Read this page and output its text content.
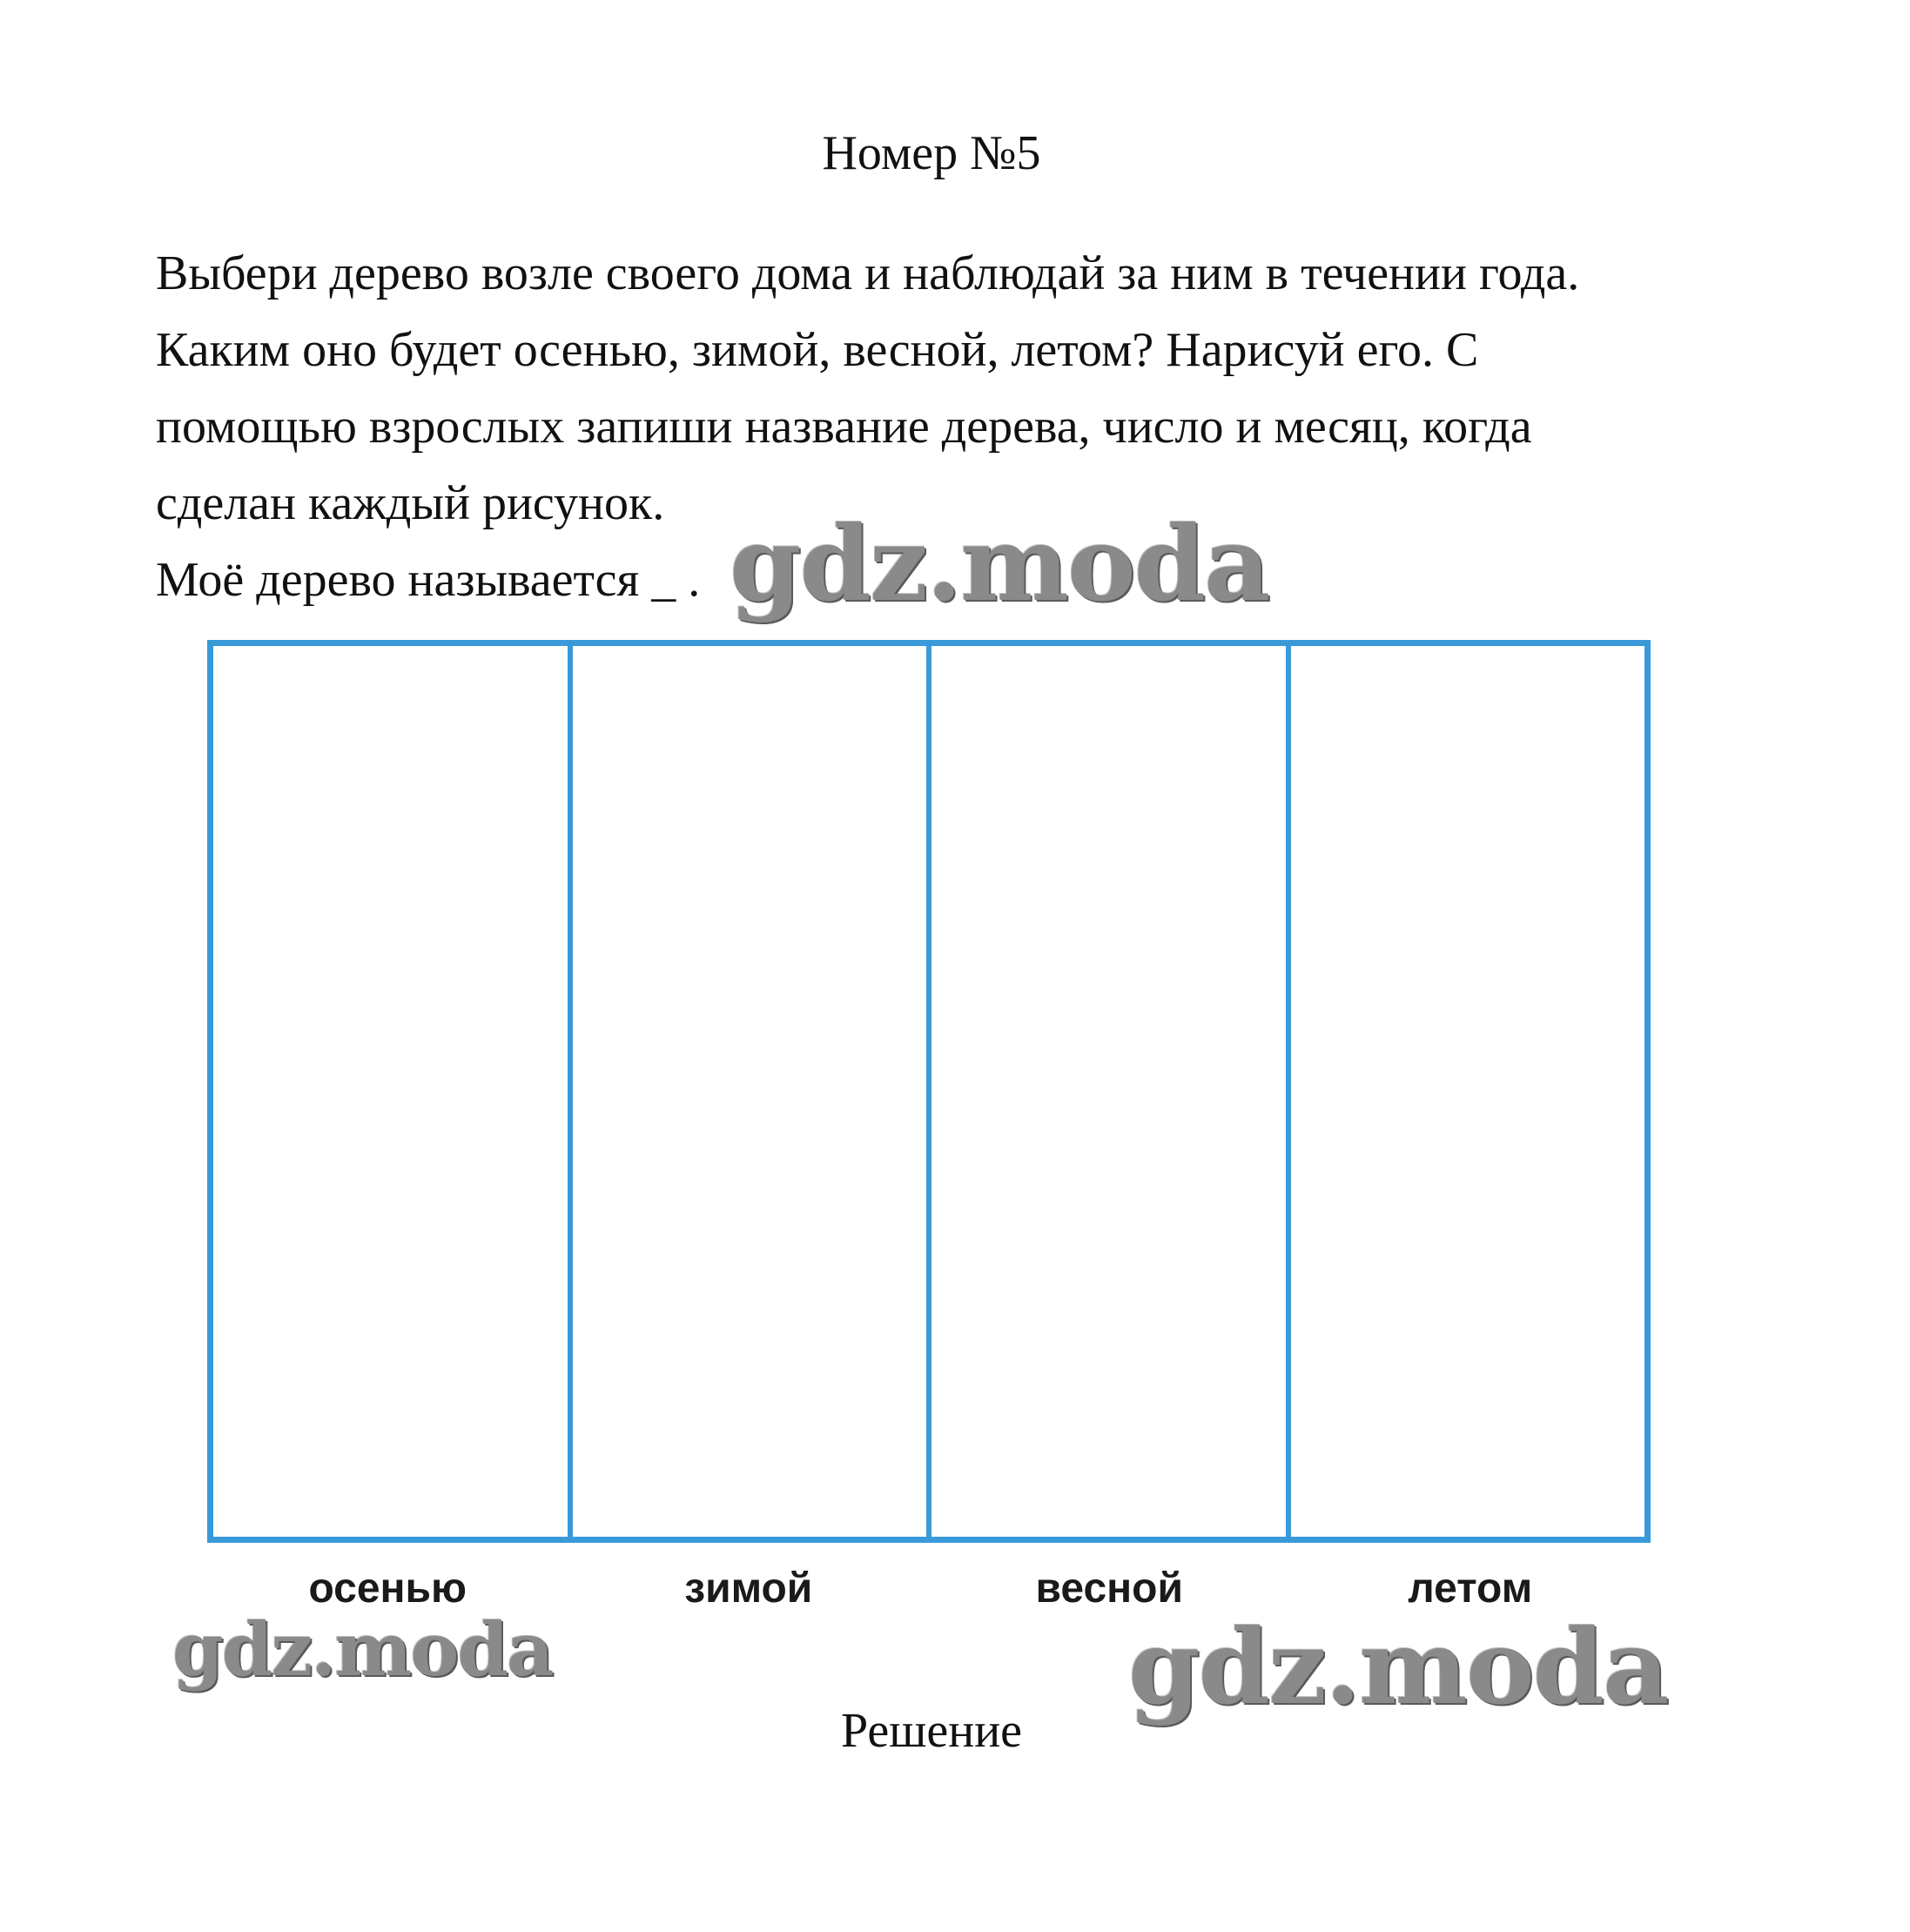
Номер №5
Выбери дерево возле своего дома и наблюдай за ним в течении года.
Каким оно будет осенью, зимой, весной, летом? Нарисуй его. С
помощью взрослых запиши название дерева, число и месяц, когда
сделан каждый рисунок.
Моё дерево называется _ . gdz.moda
осенью	зимой	весной	летом
gdz.moda	gdz.moda
Решение
